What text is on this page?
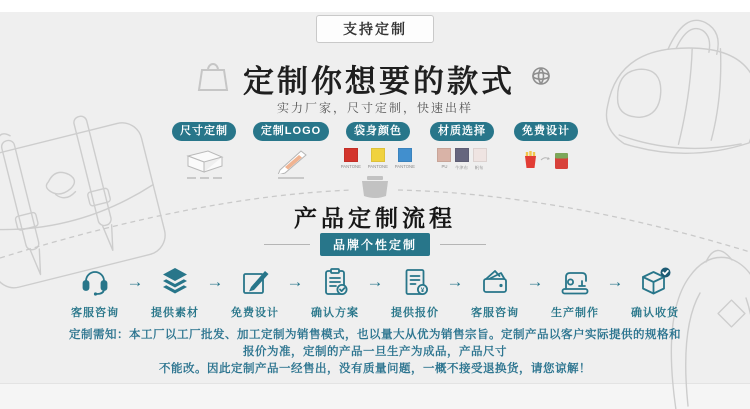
支持定制
定制你想要的款式
实力厂家，尺寸定制，快速出样
尺寸定制	定制LOGO	袋身颜色
PANTONE PANTONE PANTONE
材质选择
PU 牛津布 帆布
免费设计
产品定制流程
品牌个性定制
客服咨询
→
提供素材
→
免费设计
→
确认方案
→	¥
提供报价
→
客服咨询
→
生产制作
→
确认收货
定制需知：本工厂以工厂批发、加工定制为销售模式，也以量大从优为销售宗旨。定制产品以客户实际提供的规格和报价为准，定制的产品一旦生产为成品，产品尺寸
不能改。因此定制产品一经售出，没有质量问题，一概不接受退换货，请您谅解！
